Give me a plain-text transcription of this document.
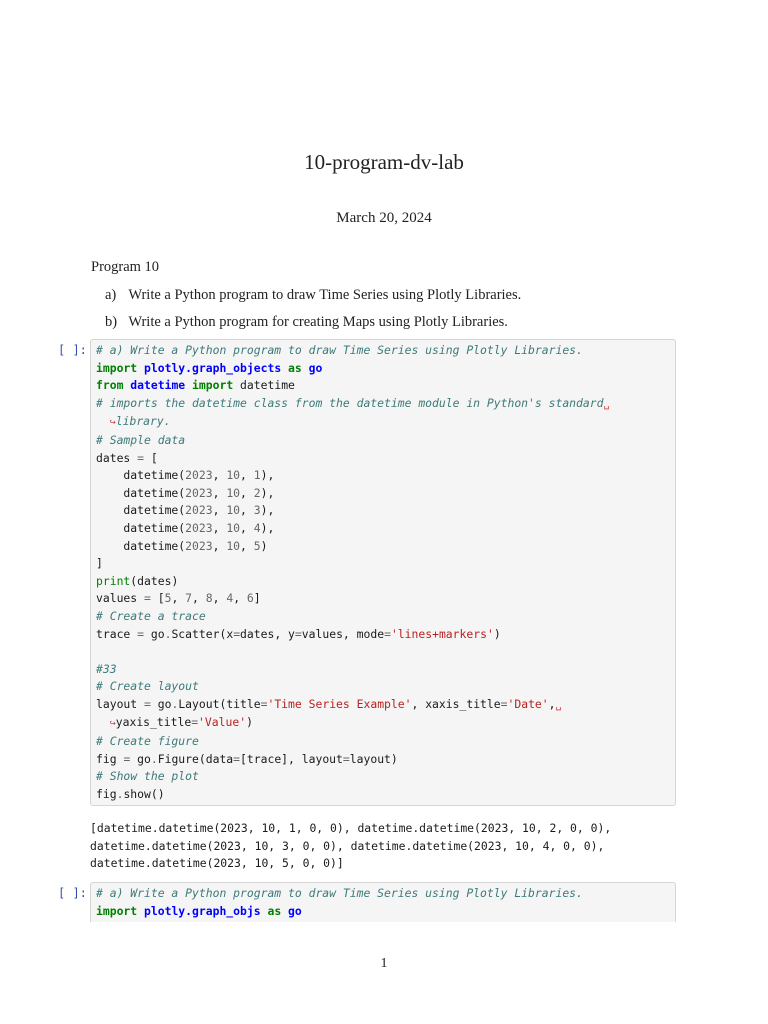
10-program-dv-lab
March 20, 2024
Program 10
a) Write a Python program to draw Time Series using Plotly Libraries.
b) Write a Python program for creating Maps using Plotly Libraries.
[ ]: # a) Write a Python program to draw Time Series using Plotly Libraries.
import plotly.graph_objects as go
from datetime import datetime
# imports the datetime class from the datetime module in Python's standard␣
↪library.
# Sample data
dates = [
datetime(2023, 10, 1),
datetime(2023, 10, 2),
datetime(2023, 10, 3),
datetime(2023, 10, 4),
datetime(2023, 10, 5)
]
print(dates)
values = [5, 7, 8, 4, 6]
# Create a trace
trace = go.Scatter(x=dates, y=values, mode='lines+markers')

#33
# Create layout
layout = go.Layout(title='Time Series Example', xaxis_title='Date',␣
↪yaxis_title='Value')
# Create figure
fig = go.Figure(data=[trace], layout=layout)
# Show the plot
fig.show()
[datetime.datetime(2023, 10, 1, 0, 0), datetime.datetime(2023, 10, 2, 0, 0),
datetime.datetime(2023, 10, 3, 0, 0), datetime.datetime(2023, 10, 4, 0, 0),
datetime.datetime(2023, 10, 5, 0, 0)]
[ ]: # a) Write a Python program to draw Time Series using Plotly Libraries.
import plotly.graph_objs as go
1
